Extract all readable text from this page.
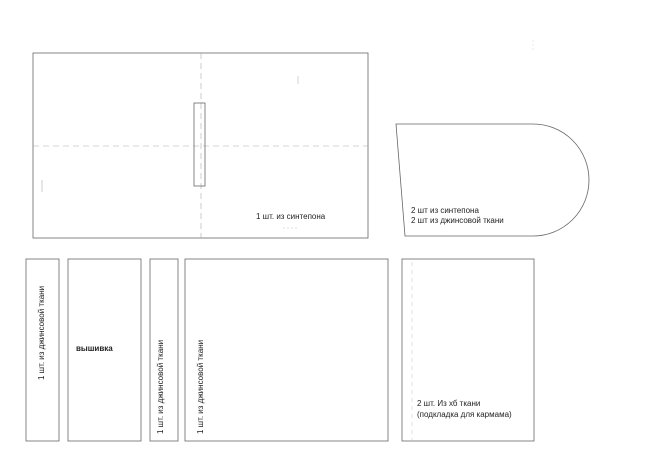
1 шт. из синтепона
2 шт из синтепона
2 шт из джинсовой ткани
1 шт. из джинсовой ткани	вышивка	1 шт. из джинсовой ткани	1 шт. из джинсовой ткани	2 шт. Из хб ткани
(подкладка для кармама)
